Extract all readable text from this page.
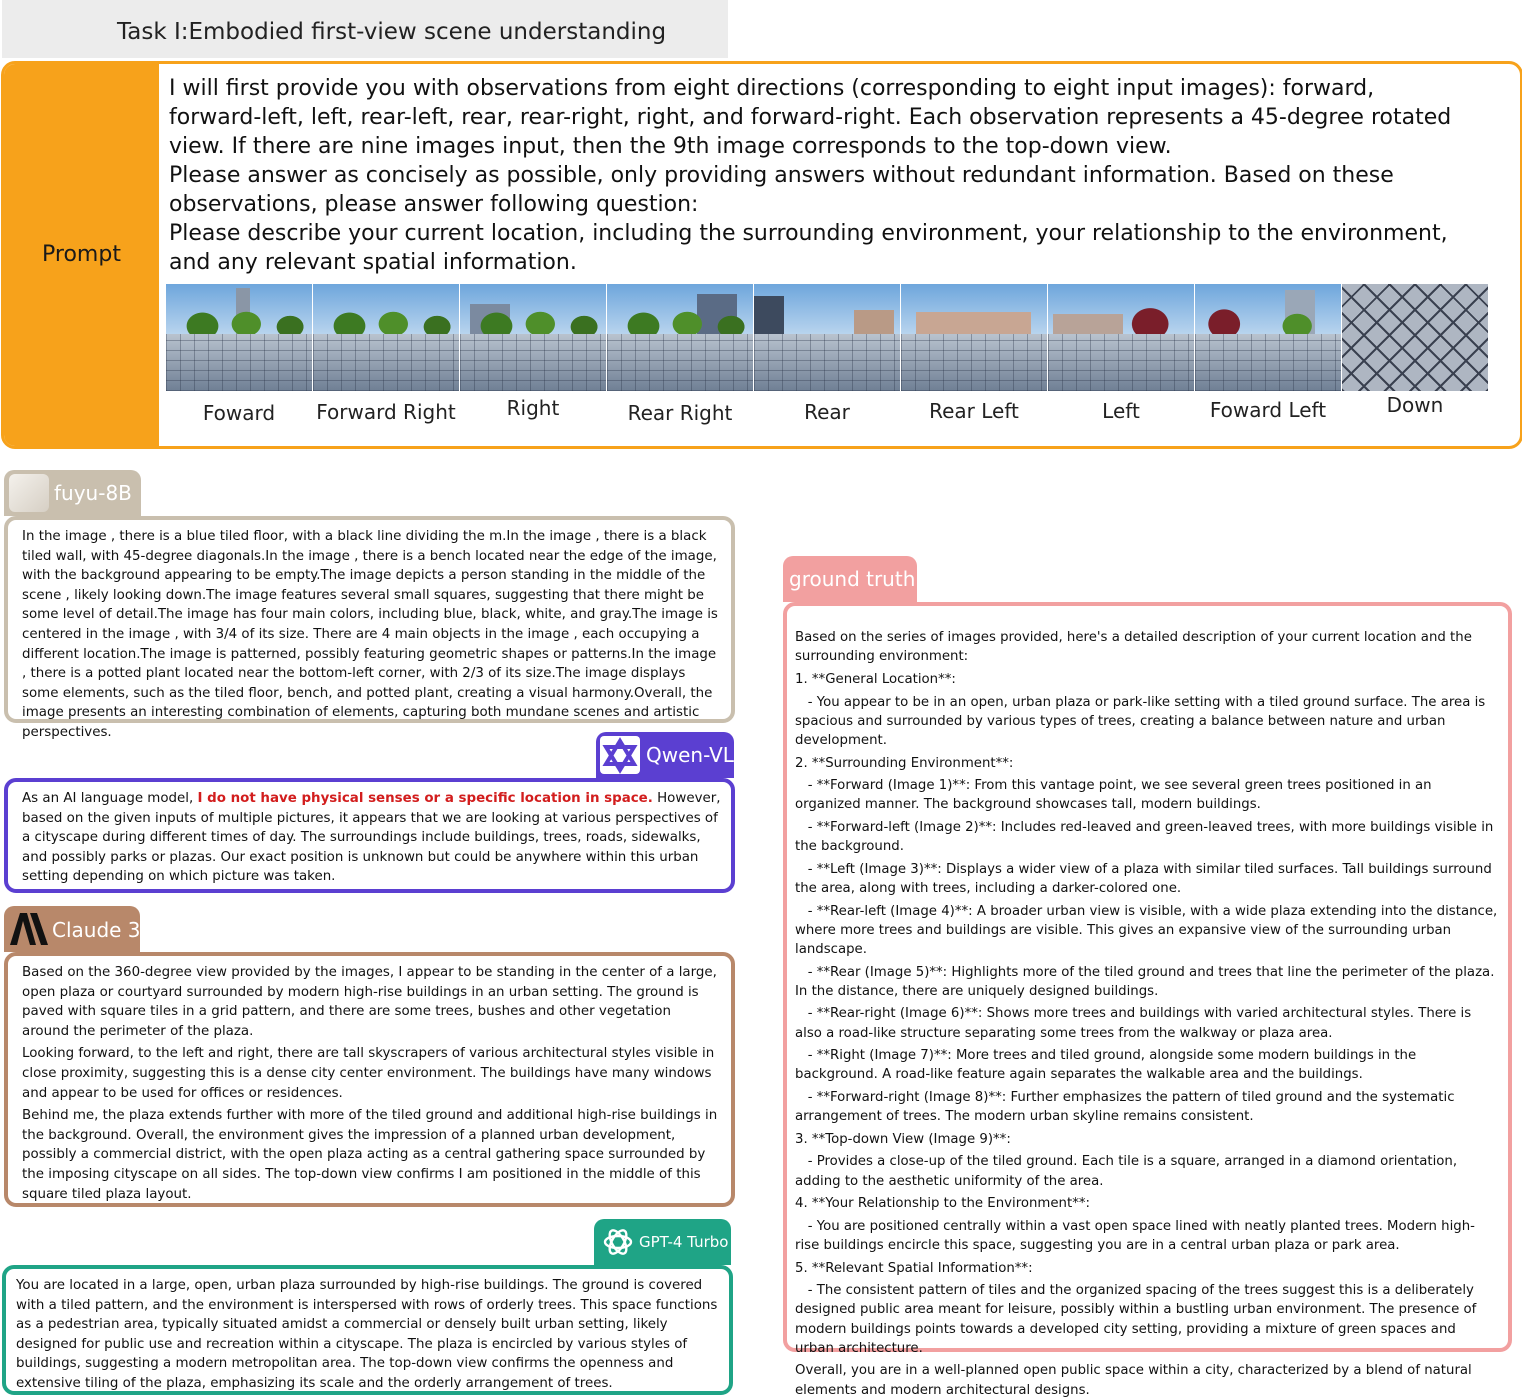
Task I:Embodied first-view scene understanding
Prompt

I will first provide you with observations from eight directions (corresponding to eight input images): forward, forward-left, left, rear-left, rear, rear-right, right, and forward-right. Each observation represents a 45-degree rotated view. If there are nine images input, then the 9th image corresponds to the top-down view.

Please answer as concisely as possible, only providing answers without redundant information. Based on these observations, please answer following question:

Please describe your current location, including the surrounding environment, your relationship to the environment, and any relevant spatial information.

Foward	Forward Right	Right	Rear Right	Rear	Rear Left	Left	Foward Left	Down
fuyu-8B

In the image , there is a blue tiled floor, with a black line dividing the m.In the image , there is a black tiled wall, with 45-degree diagonals.In the image , there is a bench located near the edge of the image, with the background appearing to be empty.The image depicts a person standing in the middle of the scene , likely looking down.The image features several small squares, suggesting that there might be some level of detail.The image has four main colors, including blue, black, white, and gray.The image is centered in the image , with 3/4 of its size. There are 4 main objects in the image , each occupying a different location.The image is patterned, possibly featuring geometric shapes or patterns.In the image , there is a potted plant located near the bottom-left corner, with 2/3 of its size.The image displays some elements, such as the tiled floor, bench, and potted plant, creating a visual harmony.Overall, the image presents an interesting combination of elements, capturing both mundane scenes and artistic perspectives.

Qwen-VL

As an AI language model, I do not have physical senses or a specific location in space. However, based on the given inputs of multiple pictures, it appears that we are looking at various perspectives of a cityscape during different times of day. The surroundings include buildings, trees, roads, sidewalks, and possibly parks or plazas. Our exact position is unknown but could be anywhere within this urban setting depending on which picture was taken.

Claude 3

Based on the 360-degree view provided by the images, I appear to be standing in the center of a large, open plaza or courtyard surrounded by modern high-rise buildings in an urban setting. The ground is paved with square tiles in a grid pattern, and there are some trees, bushes and other vegetation around the perimeter of the plaza.

Looking forward, to the left and right, there are tall skyscrapers of various architectural styles visible in close proximity, suggesting this is a dense city center environment. The buildings have many windows and appear to be used for offices or residences.

Behind me, the plaza extends further with more of the tiled ground and additional high-rise buildings in the background. Overall, the environment gives the impression of a planned urban development, possibly a commercial district, with the open plaza acting as a central gathering space surrounded by the imposing cityscape on all sides. The top-down view confirms I am positioned in the middle of this square tiled plaza layout.

GPT-4 Turbo

You are located in a large, open, urban plaza surrounded by high-rise buildings. The ground is covered with a tiled pattern, and the environment is interspersed with rows of orderly trees. This space functions as a pedestrian area, typically situated amidst a commercial or densely built urban setting, likely designed for public use and recreation within a cityscape. The plaza is encircled by various styles of buildings, suggesting a modern metropolitan area. The top-down view confirms the openness and extensive tiling of the plaza, emphasizing its scale and the orderly arrangement of trees.

ground truth

Based on the series of images provided, here's a detailed description of your current location and the surrounding environment:

1. **General Location**:

- You appear to be in an open, urban plaza or park-like setting with a tiled ground surface. The area is spacious and surrounded by various types of trees, creating a balance between nature and urban development.

2. **Surrounding Environment**:

- **Forward (Image 1)**: From this vantage point, we see several green trees positioned in an organized manner. The background showcases tall, modern buildings.

- **Forward-left (Image 2)**: Includes red-leaved and green-leaved trees, with more buildings visible in the background.

- **Left (Image 3)**: Displays a wider view of a plaza with similar tiled surfaces. Tall buildings surround the area, along with trees, including a darker-colored one.

- **Rear-left (Image 4)**: A broader urban view is visible, with a wide plaza extending into the distance, where more trees and buildings are visible. This gives an expansive view of the surrounding urban landscape.

- **Rear (Image 5)**: Highlights more of the tiled ground and trees that line the perimeter of the plaza. In the distance, there are uniquely designed buildings.

- **Rear-right (Image 6)**: Shows more trees and buildings with varied architectural styles. There is also a road-like structure separating some trees from the walkway or plaza area.

- **Right (Image 7)**: More trees and tiled ground, alongside some modern buildings in the background. A road-like feature again separates the walkable area and the buildings.

- **Forward-right (Image 8)**: Further emphasizes the pattern of tiled ground and the systematic arrangement of trees. The modern urban skyline remains consistent.

3. **Top-down View (Image 9)**:

- Provides a close-up of the tiled ground. Each tile is a square, arranged in a diamond orientation, adding to the aesthetic uniformity of the area.

4. **Your Relationship to the Environment**:

- You are positioned centrally within a vast open space lined with neatly planted trees. Modern high-rise buildings encircle this space, suggesting you are in a central urban plaza or park area.

5. **Relevant Spatial Information**:

- The consistent pattern of tiles and the organized spacing of the trees suggest this is a deliberately designed public area meant for leisure, possibly within a bustling urban environment. The presence of modern buildings points towards a developed city setting, providing a mixture of green spaces and urban architecture.

Overall, you are in a well-planned open public space within a city, characterized by a blend of natural elements and modern architectural designs.
